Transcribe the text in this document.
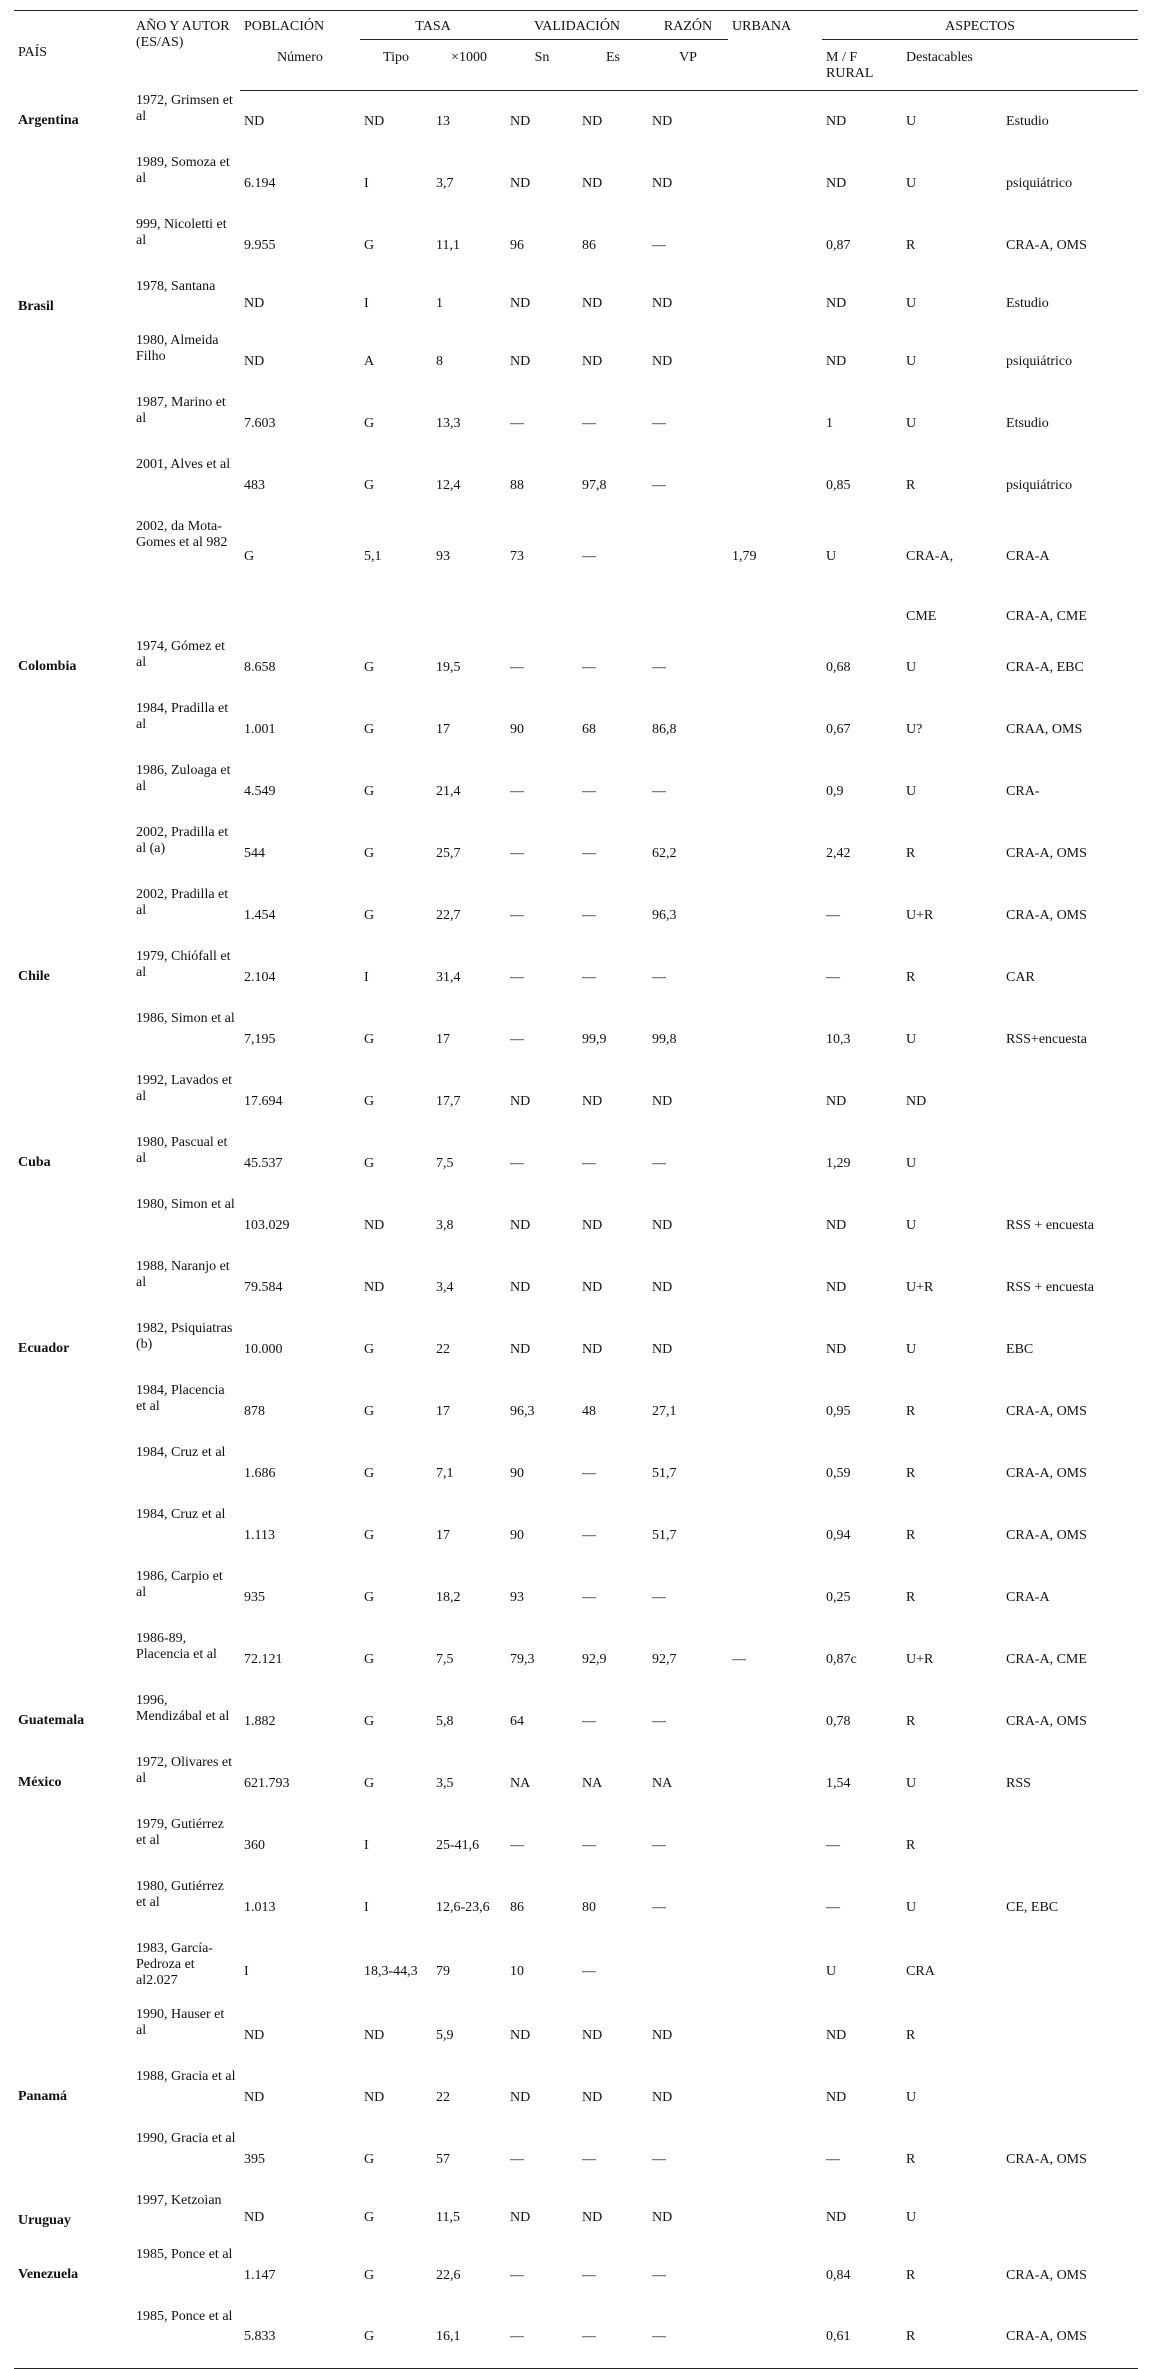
PAÍS	AÑO Y AUTOR (ES/AS)	POBLACIÓN	TASA		VALIDACIÓN		RAZÓN	URBANA	ASPECTOS		
		Número	Tipo	×1000	Sn	Es	VP		M / F RURAL	Destacables	
Argentina	1972, Grimsen et al	ND	ND	13	ND	ND	ND		ND	U	Estudio
	1989, Somoza et al	6.194	I	3,7	ND	ND	ND		ND	U	psiquiátrico
	999, Nicoletti et al	9.955	G	11,1	96	86	—		0,87	R	CRA-A, OMS
Brasil	1978, Santana	ND	I	1	ND	ND	ND		ND	U	Estudio
	1980, Almeida Filho	ND	A	8	ND	ND	ND		ND	U	psiquiátrico
	1987, Marino et al	7.603	G	13,3	—	—	—		1	U	Etsudio
	2001, Alves et al	483	G	12,4	88	97,8	—		0,85	R	psiquiátrico
	2002, da Mota-Gomes et al 982	G	5,1	93	73	—		1,79	U	CRA-A,	CRA-A
										CME	CRA-A, CME
Colombia	1974, Gómez et al	8.658	G	19,5	—	—	—		0,68	U	CRA-A, EBC
	1984, Pradilla et al	1.001	G	17	90	68	86,8		0,67	U?	CRAA, OMS
	1986, Zuloaga et al	4.549	G	21,4	—	—	—		0,9	U	CRA-
	2002, Pradilla et al (a)	544	G	25,7	—	—	62,2		2,42	R	CRA-A, OMS
	2002, Pradilla et al	1.454	G	22,7	—	—	96,3		—	U+R	CRA-A, OMS
Chile	1979, Chiófall et al	2.104	I	31,4	—	—	—		—	R	CAR
	1986, Simon et al	7,195	G	17	—	99,9	99,8		10,3	U	RSS+encuesta
	1992, Lavados et al	17.694	G	17,7	ND	ND	ND		ND	ND	
Cuba	1980, Pascual et al	45.537	G	7,5	—	—	—		1,29	U	
	1980, Simon et al	103.029	ND	3,8	ND	ND	ND		ND	U	RSS + encuesta
	1988, Naranjo et al	79.584	ND	3,4	ND	ND	ND		ND	U+R	RSS + encuesta
Ecuador	1982, Psiquiatras (b)	10.000	G	22	ND	ND	ND		ND	U	EBC
	1984, Placencia et al	878	G	17	96,3	48	27,1		0,95	R	CRA-A, OMS
	1984, Cruz et al	1.686	G	7,1	90	—	51,7		0,59	R	CRA-A, OMS
	1984, Cruz et al	1.113	G	17	90	—	51,7		0,94	R	CRA-A, OMS
	1986, Carpio et al	935	G	18,2	93	—	—		0,25	R	CRA-A
	1986-89, Placencia et al	72.121	G	7,5	79,3	92,9	92,7	—	0,87c	U+R	CRA-A, CME
Guatemala	1996, Mendizábal et al	1.882	G	5,8	64	—	—		0,78	R	CRA-A, OMS
México	1972, Olivares et al	621.793	G	3,5	NA	NA	NA		1,54	U	RSS
	1979, Gutiérrez et al	360	I	25-41,6	—	—	—		—	R	
	1980, Gutiérrez et al	1.013	I	12,6-23,6	86	80	—		—	U	CE, EBC
	1983, García-Pedroza et al2.027	I	18,3-44,3	79	10	—			U	CRA	
	1990, Hauser et al	ND	ND	5,9	ND	ND	ND		ND	R	
Panamá	1988, Gracia et al	ND	ND	22	ND	ND	ND		ND	U	
	1990, Gracia et al	395	G	57	—	—	—		—	R	CRA-A, OMS
Uruguay	1997, Ketzoian	ND	G	11,5	ND	ND	ND		ND	U	
Venezuela	1985, Ponce et al	1.147	G	22,6	—	—	—		0,84	R	CRA-A, OMS
	1985, Ponce et al	5.833	G	16,1	—	—	—		0,61	R	CRA-A, OMS
